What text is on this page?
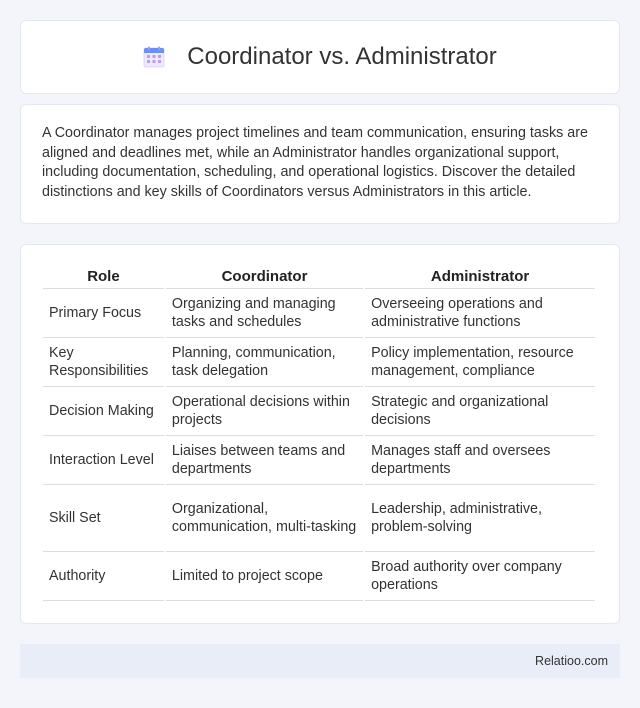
Coordinator vs. Administrator

A Coordinator manages project timelines and team communication, ensuring tasks are aligned and deadlines met, while an Administrator handles organizational support, including documentation, scheduling, and operational logistics. Discover the detailed distinctions and key skills of Coordinators versus Administrators in this article.

Role	Coordinator	Administrator
Primary Focus	Organizing and managing tasks and schedules	Overseeing operations and administrative functions
Key Responsibilities	Planning, communication, task delegation	Policy implementation, resource management, compliance
Decision Making	Operational decisions within projects	Strategic and organizational decisions
Interaction Level	Liaises between teams and departments	Manages staff and oversees departments
Skill Set	Organizational, communication, multi-tasking	Leadership, administrative, problem-solving
Authority	Limited to project scope	Broad authority over company operations
Relatioo.com
